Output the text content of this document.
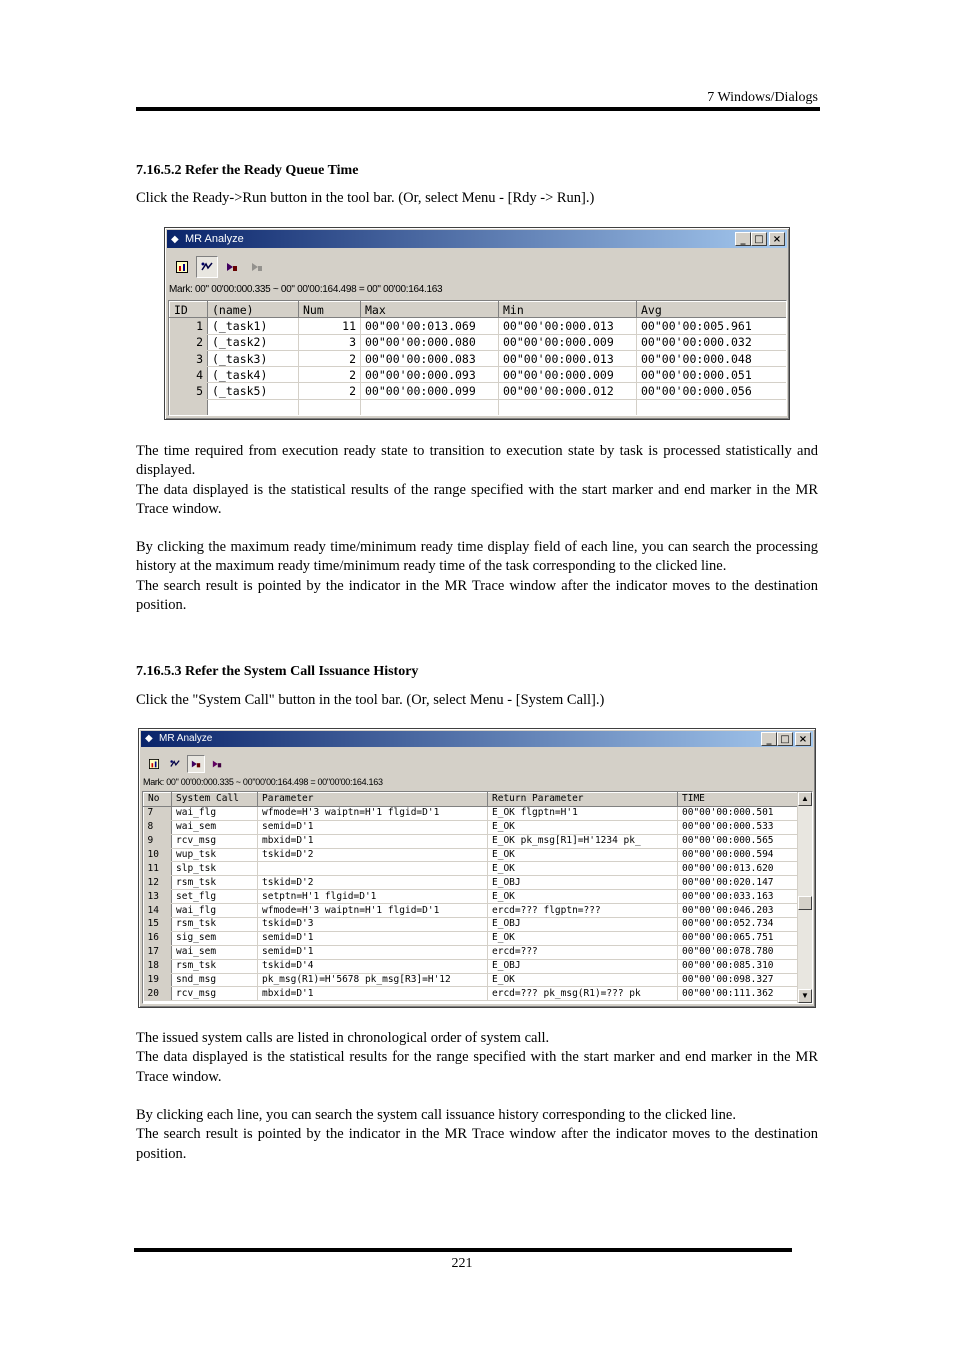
7 Windows/Dialogs
7.16.5.2 Refer the Ready Queue Time
Click the Ready->Run button in the tool bar. (Or, select Menu - [Rdy -> Run].)
◆ MR Analyze	_ □ ×
Mark: 00" 00'00:000.335 ~ 00" 00'00:164.498 = 00" 00'00:164.163
ID	(name)	Num	Max	Min	Avg
1	(_task1)	11	00"00'00:013.069	00"00'00:000.013	00"00'00:005.961
2	(_task2)	3	00"00'00:000.080	00"00'00:000.009	00"00'00:000.032
3	(_task3)	2	00"00'00:000.083	00"00'00:000.013	00"00'00:000.048
4	(_task4)	2	00"00'00:000.093	00"00'00:000.009	00"00'00:000.051
5	(_task5)	2	00"00'00:000.099	00"00'00:000.012	00"00'00:000.056

The time required from execution ready state to transition to execution state by task is processed statistically and displayed.

The data displayed is the statistical results of the range specified with the start marker and end marker in the MR Trace window.

By clicking the maximum ready time/minimum ready time display field of each line, you can search the processing history at the maximum ready time/minimum ready time of the task corresponding to the clicked line.

The search result is pointed by the indicator in the MR Trace window after the indicator moves to the destination position.

7.16.5.3 Refer the System Call Issuance History
Click the "System Call" button in the tool bar. (Or, select Menu - [System Call].)
◆ MR Analyze	_ □ ×
Mark: 00" 00'00:000.335 ~ 00"00'00:164.498 = 00"00'00:164.163
No	System Call	Parameter	Return Parameter	TIME
7	wai_flg	wfmode=H'3 waiptn=H'1 flgid=D'1	E_OK flgptn=H'1	00"00'00:000.501
8	wai_sem	semid=D'1	E_OK	00"00'00:000.533
9	rcv_msg	mbxid=D'1	E_OK pk_msg[R1]=H'1234 pk_	00"00'00:000.565
10	wup_tsk	tskid=D'2	E_OK	00"00'00:000.594
11	slp_tsk		E_OK	00"00'00:013.620
12	rsm_tsk	tskid=D'2	E_OBJ	00"00'00:020.147
13	set_flg	setptn=H'1 flgid=D'1	E_OK	00"00'00:033.163
14	wai_flg	wfmode=H'3 waiptn=H'1 flgid=D'1	ercd=??? flgptn=???	00"00'00:046.203
15	rsm_tsk	tskid=D'3	E_OBJ	00"00'00:052.734
16	sig_sem	semid=D'1	E_OK	00"00'00:065.751
17	wai_sem	semid=D'1	ercd=???	00"00'00:078.780
18	rsm_tsk	tskid=D'4	E_OBJ	00"00'00:085.310
19	snd_msg	pk_msg(R1)=H'5678 pk_msg[R3]=H'12	E_OK	00"00'00:098.327
20	rcv_msg	mbxid=D'1	ercd=??? pk_msg(R1)=??? pk	00"00'00:111.362
▲
▼

The issued system calls are listed in chronological order of system call.

The data displayed is the statistical results for the range specified with the start marker and end marker in the MR Trace window.

By clicking each line, you can search the system call issuance history corresponding to the clicked line.

The search result is pointed by the indicator in the MR Trace window after the indicator moves to the destination position.

221
